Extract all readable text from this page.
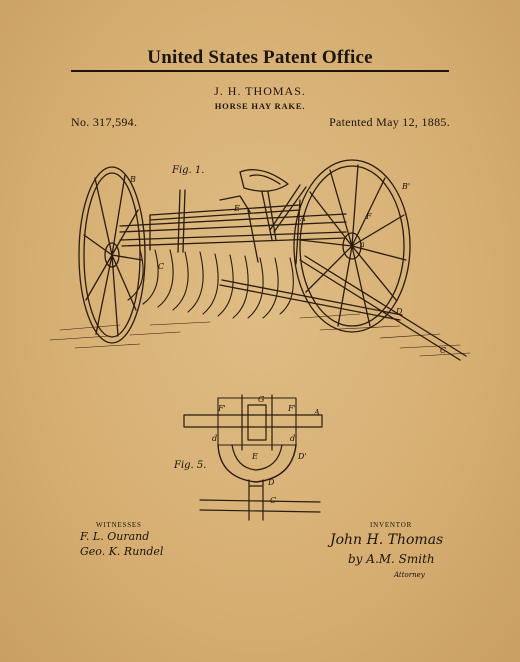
United States Patent Office
J. H. THOMAS.
HORSE HAY RAKE.
No. 317,594.	Patented May 12, 1885.
Fig. 1.
Fig. 5.
B
B'
E
F
A
C
D
C
a
F'
G
F' A
d
E
d'
D'
D
C
WITNESSES
F. L. Ourand
Geo. K. Rundel
INVENTOR
John H. Thomas
by A.M. Smith
Attorney
